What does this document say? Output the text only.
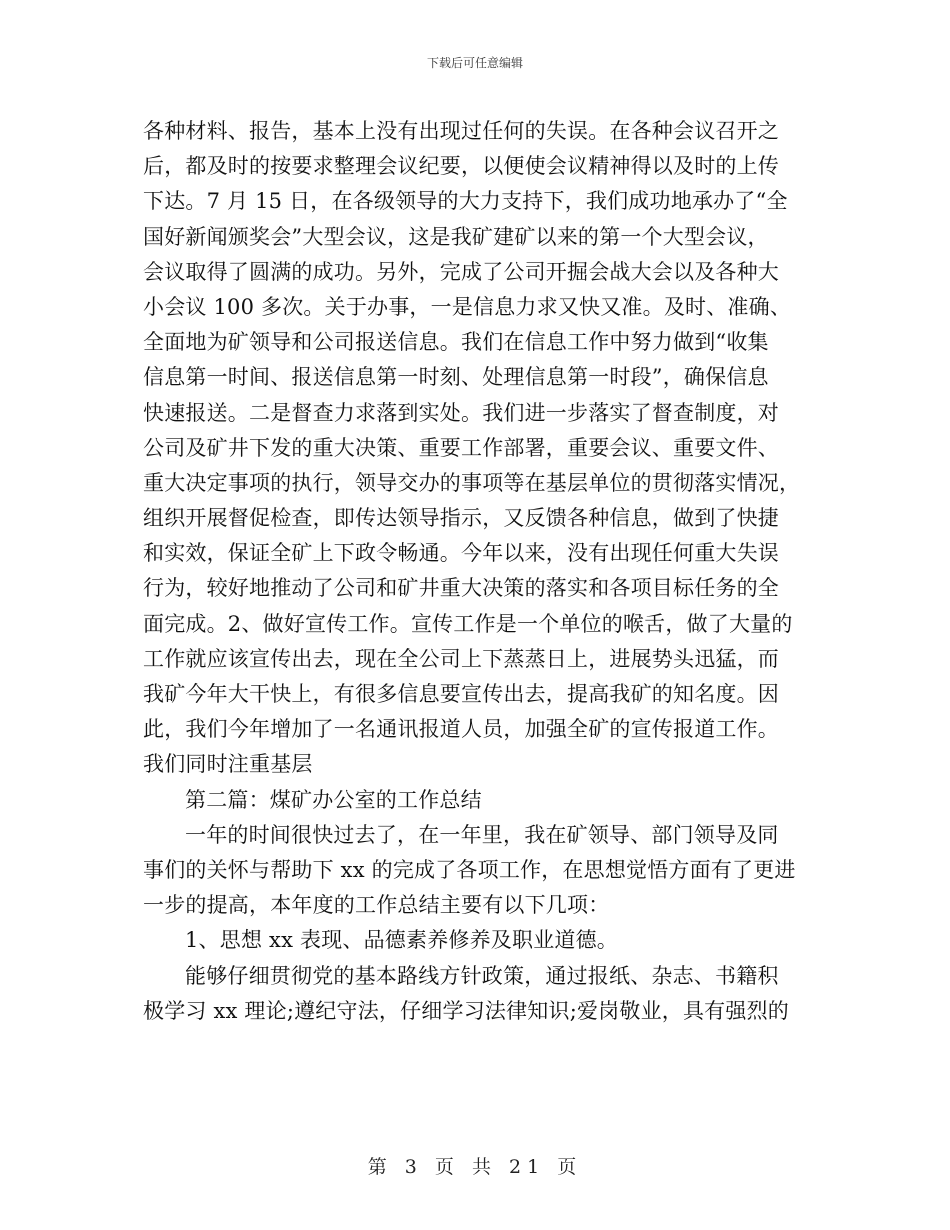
下载后可任意编辑
各种材料、报告，基本上没有出现过任何的失误。在各种会议召开之
后，都及时的按要求整理会议纪要，以便使会议精神得以及时的上传
下达。7 月 15 日，在各级领导的大力支持下，我们成功地承办了“全
国好新闻颁奖会”大型会议，这是我矿建矿以来的第一个大型会议，
会议取得了圆满的成功。另外，完成了公司开掘会战大会以及各种大
小会议 100 多次。关于办事，一是信息力求又快又准。及时、准确、
全面地为矿领导和公司报送信息。我们在信息工作中努力做到“收集
信息第一时间、报送信息第一时刻、处理信息第一时段”，确保信息
快速报送。二是督查力求落到实处。我们进一步落实了督查制度，对
公司及矿井下发的重大决策、重要工作部署，重要会议、重要文件、
重大决定事项的执行，领导交办的事项等在基层单位的贯彻落实情况，
组织开展督促检查，即传达领导指示，又反馈各种信息，做到了快捷
和实效，保证全矿上下政令畅通。今年以来，没有出现任何重大失误
行为，较好地推动了公司和矿井重大决策的落实和各项目标任务的全
面完成。2、做好宣传工作。宣传工作是一个单位的喉舌，做了大量的
工作就应该宣传出去，现在全公司上下蒸蒸日上，进展势头迅猛，而
我矿今年大干快上，有很多信息要宣传出去，提高我矿的知名度。因
此，我们今年增加了一名通讯报道人员，加强全矿的宣传报道工作。
我们同时注重基层
第二篇：煤矿办公室的工作总结
一年的时间很快过去了，在一年里，我在矿领导、部门领导及同
事们的关怀与帮助下 xx 的完成了各项工作，在思想觉悟方面有了更进
一步的提高，本年度的工作总结主要有以下几项：
1、思想 xx 表现、品德素养修养及职业道德。
能够仔细贯彻党的基本路线方针政策，通过报纸、杂志、书籍积
极学习 xx 理论;遵纪守法，仔细学习法律知识;爱岗敬业，具有强烈的
第 3 页 共 21 页
